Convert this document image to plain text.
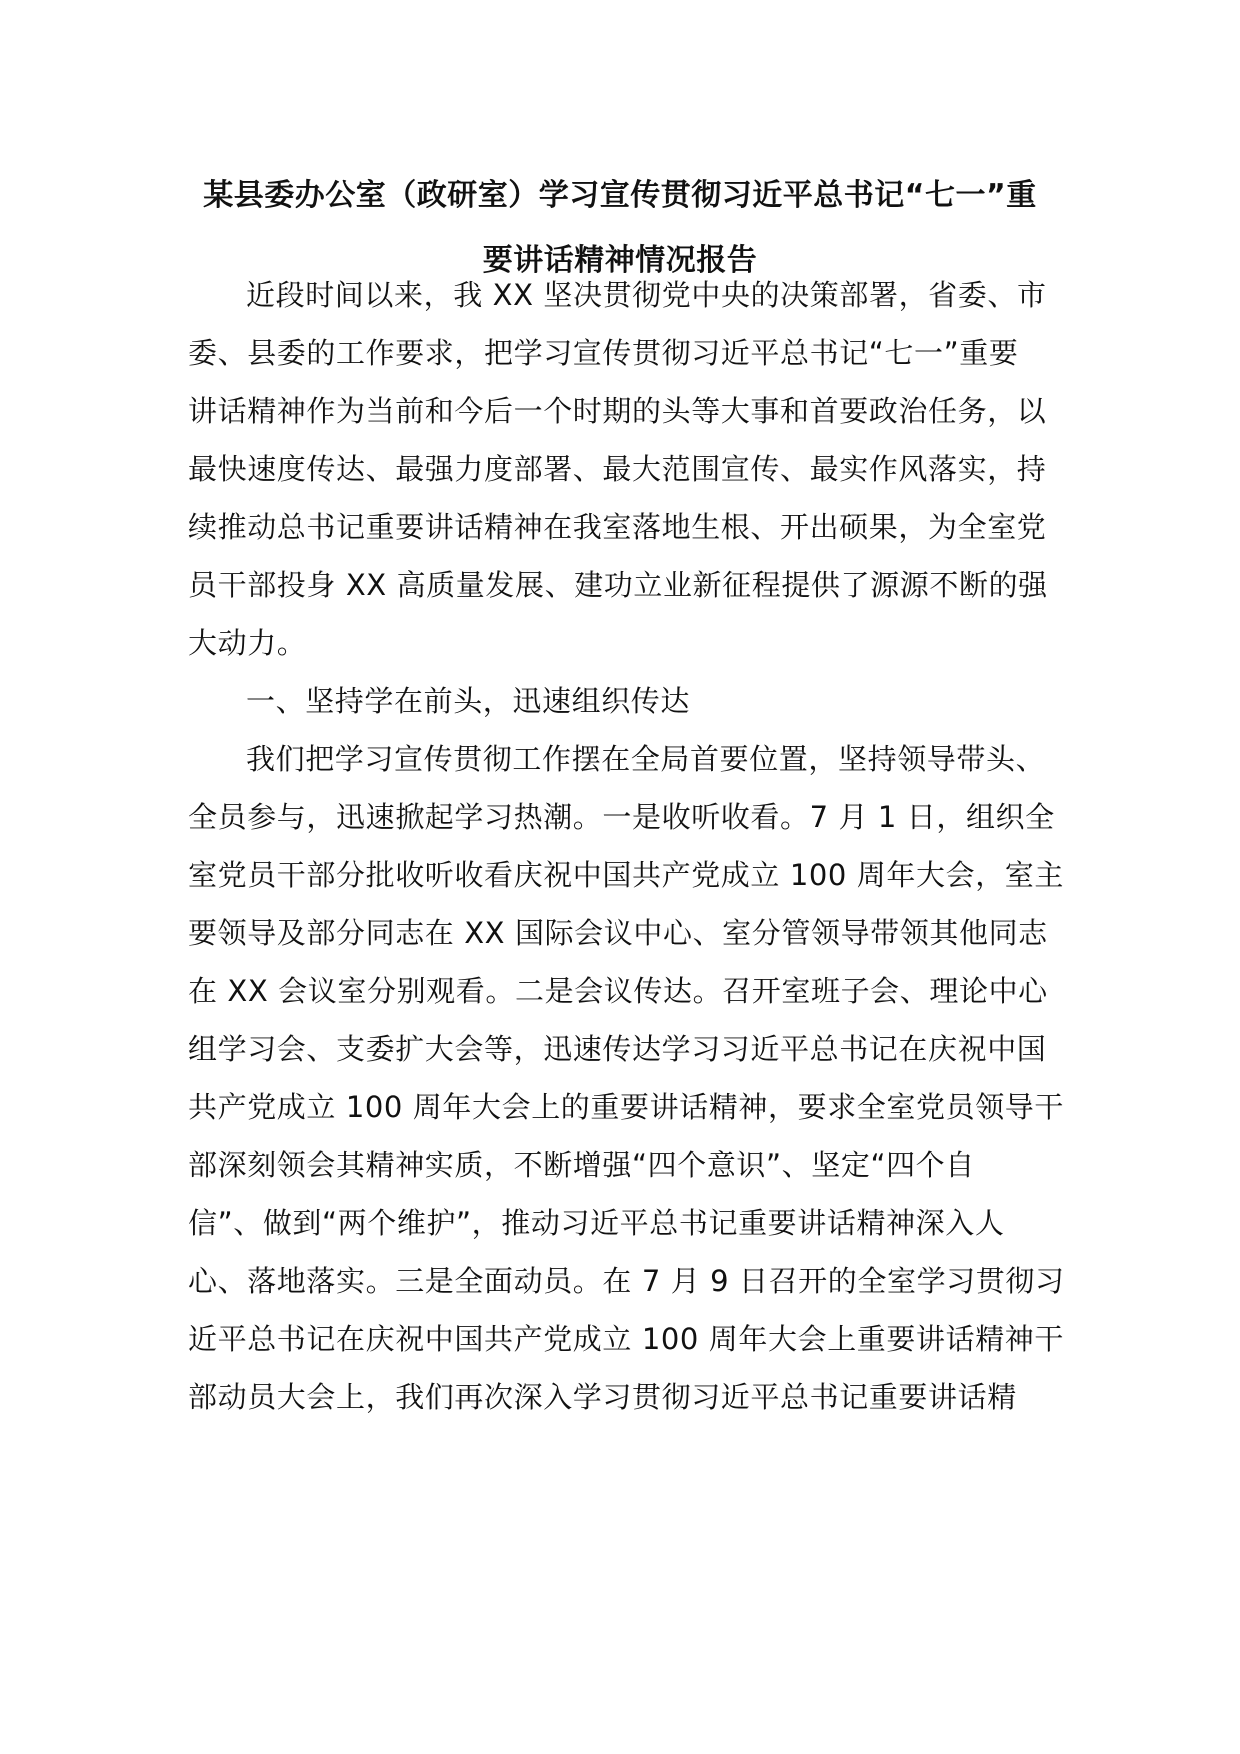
某县委办公室（政研室）学习宣传贯彻习近平总书记“七一”重
要讲话精神情况报告
近段时间以来，我 XX 坚决贯彻党中央的决策部署，省委、市
委、县委的工作要求，把学习宣传贯彻习近平总书记“七一”重要
讲话精神作为当前和今后一个时期的头等大事和首要政治任务，以
最快速度传达、最强力度部署、最大范围宣传、最实作风落实，持
续推动总书记重要讲话精神在我室落地生根、开出硕果，为全室党
员干部投身 XX 高质量发展、建功立业新征程提供了源源不断的强
大动力。
一、坚持学在前头，迅速组织传达
我们把学习宣传贯彻工作摆在全局首要位置，坚持领导带头、
全员参与，迅速掀起学习热潮。一是收听收看。7 月 1 日，组织全
室党员干部分批收听收看庆祝中国共产党成立 100 周年大会，室主
要领导及部分同志在 XX 国际会议中心、室分管领导带领其他同志
在 XX 会议室分别观看。二是会议传达。召开室班子会、理论中心
组学习会、支委扩大会等，迅速传达学习习近平总书记在庆祝中国
共产党成立 100 周年大会上的重要讲话精神，要求全室党员领导干
部深刻领会其精神实质，不断增强“四个意识”、坚定“四个自
信”、做到“两个维护”，推动习近平总书记重要讲话精神深入人
心、落地落实。三是全面动员。在 7 月 9 日召开的全室学习贯彻习
近平总书记在庆祝中国共产党成立 100 周年大会上重要讲话精神干
部动员大会上，我们再次深入学习贯彻习近平总书记重要讲话精
